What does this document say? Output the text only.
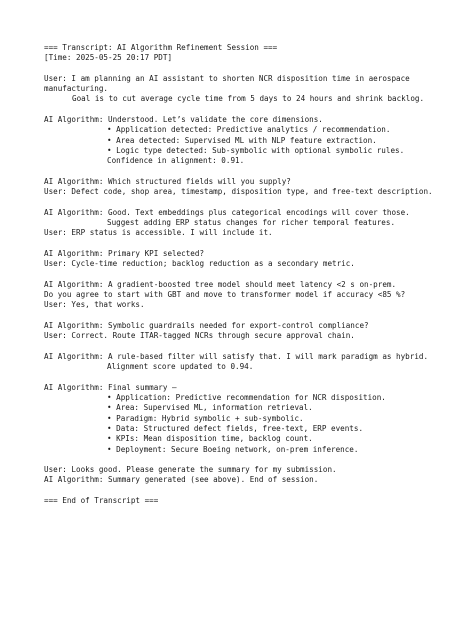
=== Transcript: AI Algorithm Refinement Session ===
[Time: 2025-05-25 20:17 PDT]
User: I am planning an AI assistant to shorten NCR disposition time in aerospace manufacturing.
Goal is to cut average cycle time from 5 days to 24 hours and shrink backlog.
AI Algorithm: Understood. Let’s validate the core dimensions.
• Application detected: Predictive analytics / recommendation.
• Area detected: Supervised ML with NLP feature extraction.
• Logic type detected: Sub-symbolic with optional symbolic rules.
Confidence in alignment: 0.91.
AI Algorithm: Which structured fields will you supply?
User: Defect code, shop area, timestamp, disposition type, and free-text description.
AI Algorithm: Good. Text embeddings plus categorical encodings will cover those.
Suggest adding ERP status changes for richer temporal features.
User: ERP status is accessible. I will include it.
AI Algorithm: Primary KPI selected?
User: Cycle-time reduction; backlog reduction as a secondary metric.
AI Algorithm: A gradient-boosted tree model should meet latency <2 s on-prem.
Do you agree to start with GBT and move to transformer model if accuracy <85 %?
User: Yes, that works.
AI Algorithm: Symbolic guardrails needed for export-control compliance?
User: Correct. Route ITAR-tagged NCRs through secure approval chain.
AI Algorithm: A rule-based filter will satisfy that. I will mark paradigm as hybrid.
Alignment score updated to 0.94.
AI Algorithm: Final summary —
• Application: Predictive recommendation for NCR disposition.
• Area: Supervised ML, information retrieval.
• Paradigm: Hybrid symbolic + sub-symbolic.
• Data: Structured defect fields, free-text, ERP events.
• KPIs: Mean disposition time, backlog count.
• Deployment: Secure Boeing network, on-prem inference.
User: Looks good. Please generate the summary for my submission.
AI Algorithm: Summary generated (see above). End of session.
=== End of Transcript ===
